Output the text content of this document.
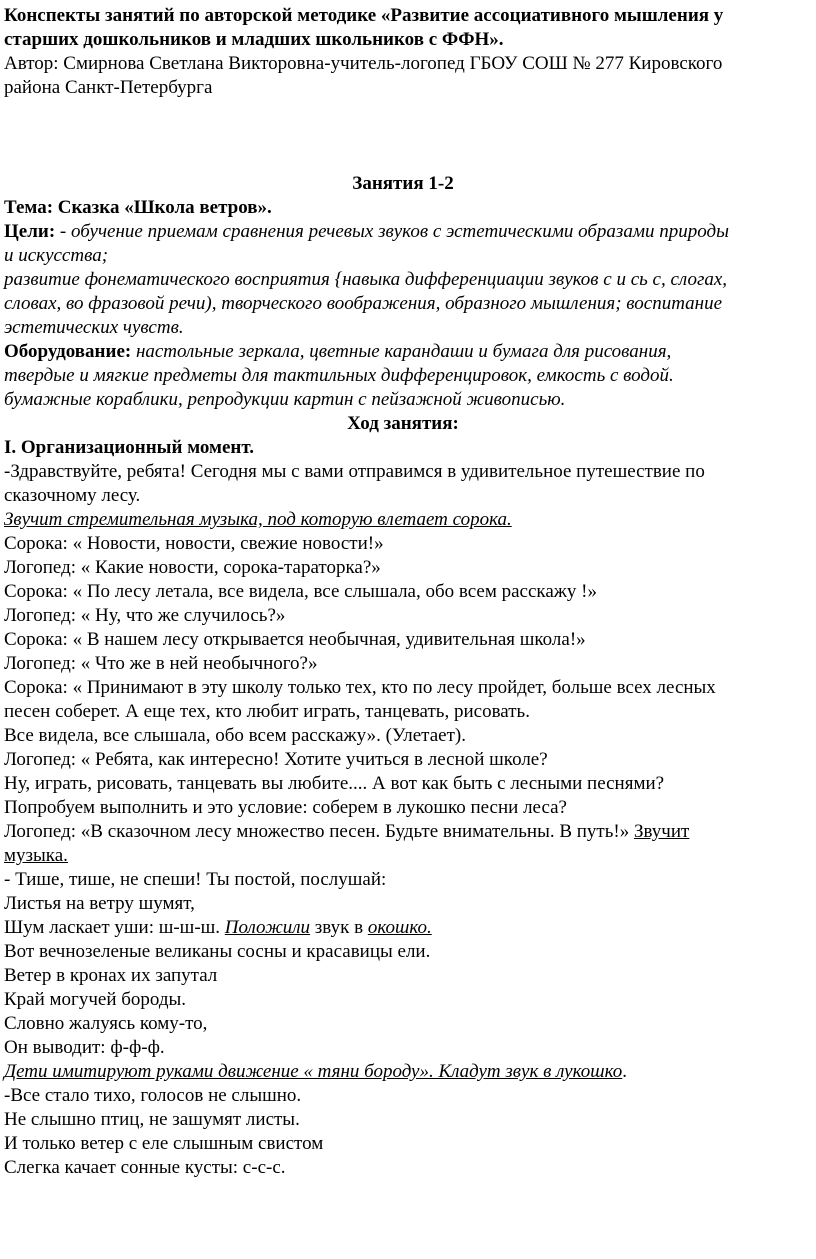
Конспекты занятий по авторской методике «Развитие ассоциативного мышления у

старших дошкольников и младших школьников с ФФН».

Автор: Смирнова Светлана Викторовна-учитель-логопед ГБОУ СОШ № 277 Кировского

района Санкт-Петербурга

Занятия 1-2

Тема: Сказка «Школа ветров».

Цели: - обучение приемам сравнения речевых звуков с эстетическими образами природы

и искусства;

развитие фонематического восприятия {навыка дифференциации звуков с и сь с, слогах,

словах, во фразовой речи), творческого воображения, образного мышления; воспитание

эстетических чувств.

Оборудование: настольные зеркала, цветные карандаши и бумага для рисования,

твердые и мягкие предметы для тактильных дифференцировок, емкость с водой.

бумажные кораблики, репродукции картин с пейзажной живописью.

Ход занятия:

I. Организационный момент.

-Здравствуйте, ребята! Сегодня мы с вами отправимся в удивительное путешествие по

сказочному лесу.

Звучит стремительная музыка, под которую влетает сорока.

Сорока: « Новости, новости, свежие новости!»

Логопед: « Какие новости, сорока-тараторка?»

Сорока: « По лесу летала, все видела, все слышала, обо всем расскажу !»

Логопед: « Ну, что же случилось?»

Сорока: « В нашем лесу открывается необычная, удивительная школа!»

Логопед: « Что же в ней необычного?»

Сорока: « Принимают в эту школу только тех, кто по лесу пройдет, больше всех лесных

песен соберет. А еще тех, кто любит играть, танцевать, рисовать.

Все видела, все слышала, обо всем расскажу». (Улетает).

Логопед: « Ребята, как интересно! Хотите учиться в лесной школе?

Ну, играть, рисовать, танцевать вы любите.... А вот как быть с лесными песнями?

Попробуем выполнить и это условие: соберем в лукошко песни леса?

Логопед: «В сказочном лесу множество песен. Будьте внимательны. В путь!» Звучит

музыка.

- Тише, тише, не спеши! Ты постой, послушай:

Листья на ветру шумят,

Шум ласкает уши: ш-ш-ш. Положили звук в окошко.

Вот вечнозеленые великаны сосны и красавицы ели.

Ветер в кронах их запутал

Край могучей бороды.

Словно жалуясь кому-то,

Он выводит: ф-ф-ф.

Дети имитируют руками движение « тяни бороду». Кладут звук в лукошко.

-Все стало тихо, голосов не слышно.

Не слышно птиц, не зашумят листы.

И только ветер с еле слышным свистом

Слегка качает сонные кусты: с-с-с.
